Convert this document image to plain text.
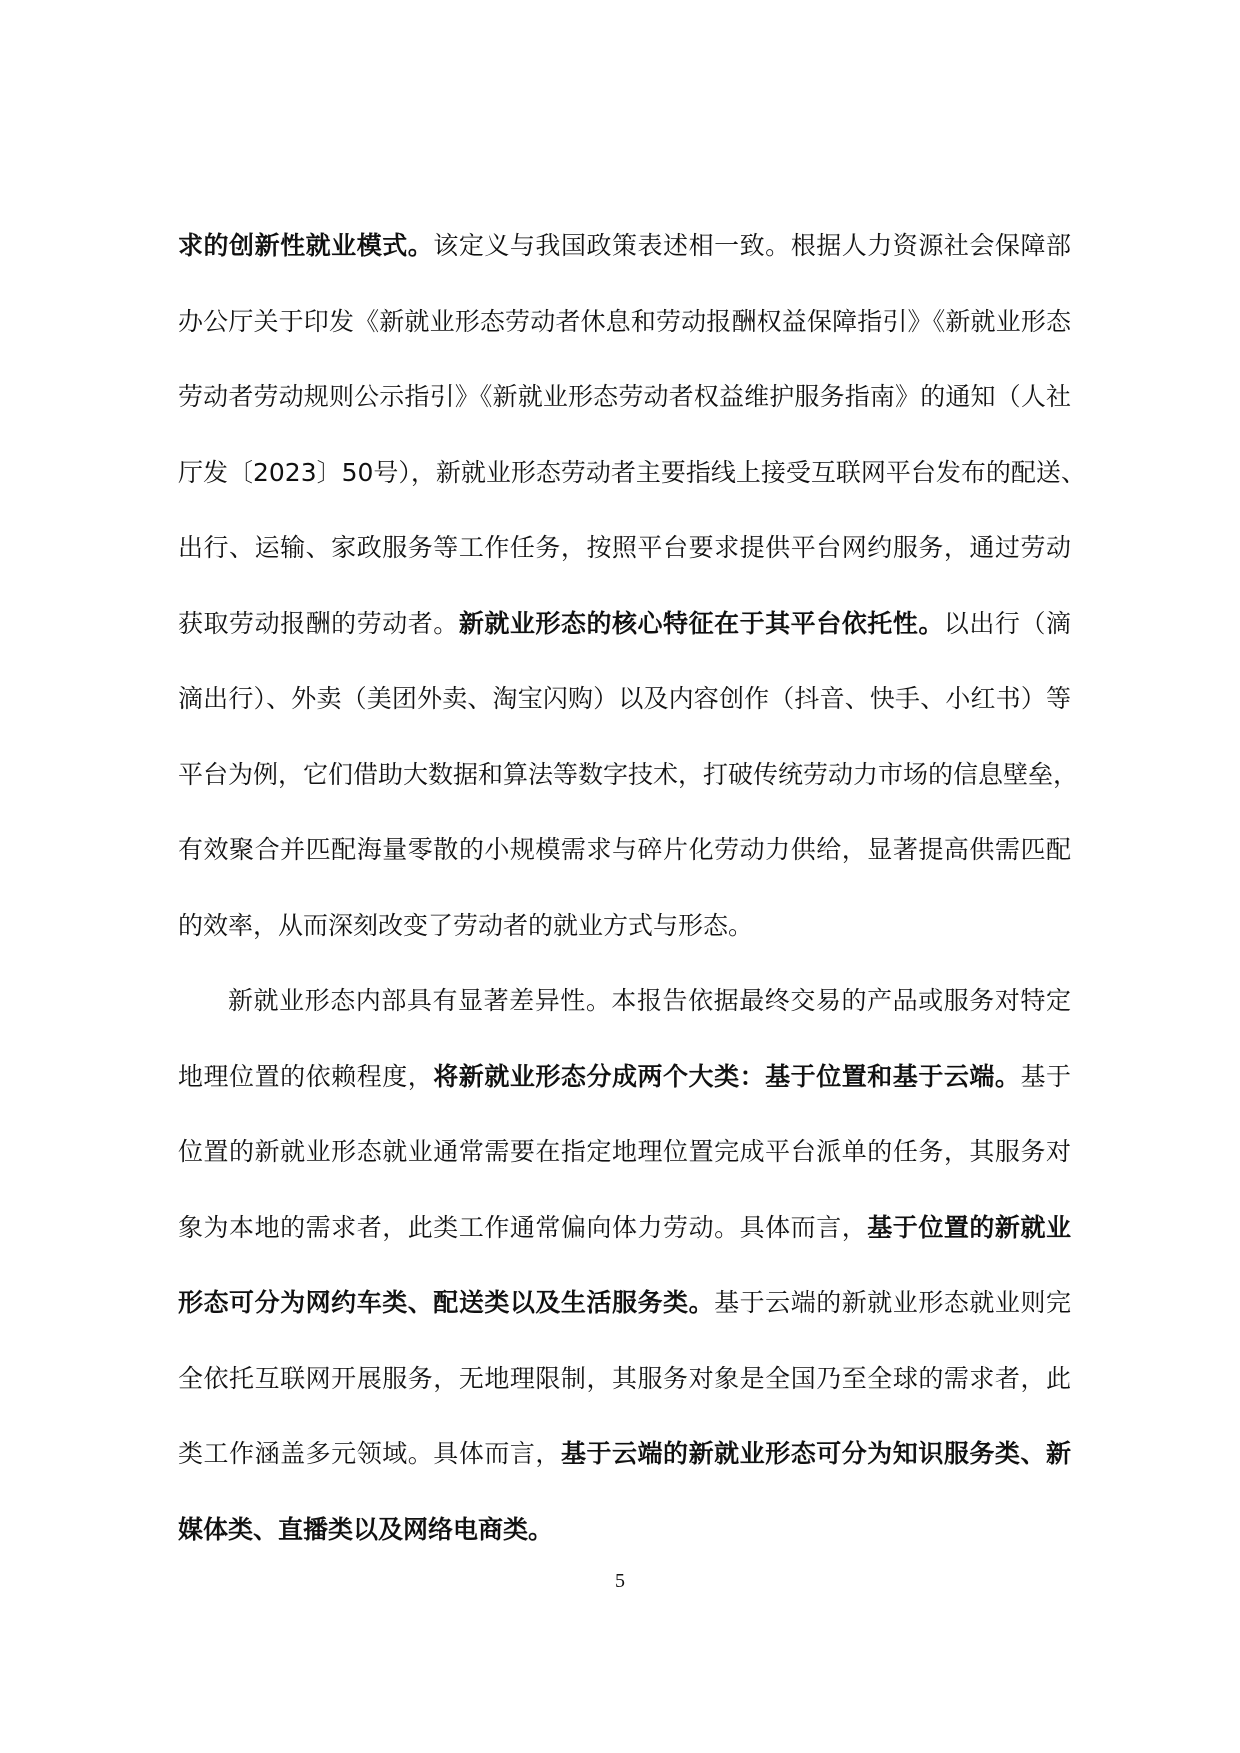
求的创新性就业模式。该定义与我国政策表述相一致。根据人力资源社会保障部
办公厅关于印发《新就业形态劳动者休息和劳动报酬权益保障指引》《新就业形态
劳动者劳动规则公示指引》《新就业形态劳动者权益维护服务指南》的通知（人社
厅发〔2023〕50号），新就业形态劳动者主要指线上接受互联网平台发布的配送、
出行、运输、家政服务等工作任务，按照平台要求提供平台网约服务，通过劳动
获取劳动报酬的劳动者。新就业形态的核心特征在于其平台依托性。以出行（滴
滴出行）、外卖（美团外卖、淘宝闪购）以及内容创作（抖音、快手、小红书）等
平台为例，它们借助大数据和算法等数字技术，打破传统劳动力市场的信息壁垒，
有效聚合并匹配海量零散的小规模需求与碎片化劳动力供给，显著提高供需匹配
的效率，从而深刻改变了劳动者的就业方式与形态。
新就业形态内部具有显著差异性。本报告依据最终交易的产品或服务对特定
地理位置的依赖程度，将新就业形态分成两个大类：基于位置和基于云端。基于
位置的新就业形态就业通常需要在指定地理位置完成平台派单的任务，其服务对
象为本地的需求者，此类工作通常偏向体力劳动。具体而言，基于位置的新就业
形态可分为网约车类、配送类以及生活服务类。基于云端的新就业形态就业则完
全依托互联网开展服务，无地理限制，其服务对象是全国乃至全球的需求者，此
类工作涵盖多元领域。具体而言，基于云端的新就业形态可分为知识服务类、新
媒体类、直播类以及网络电商类。
5
